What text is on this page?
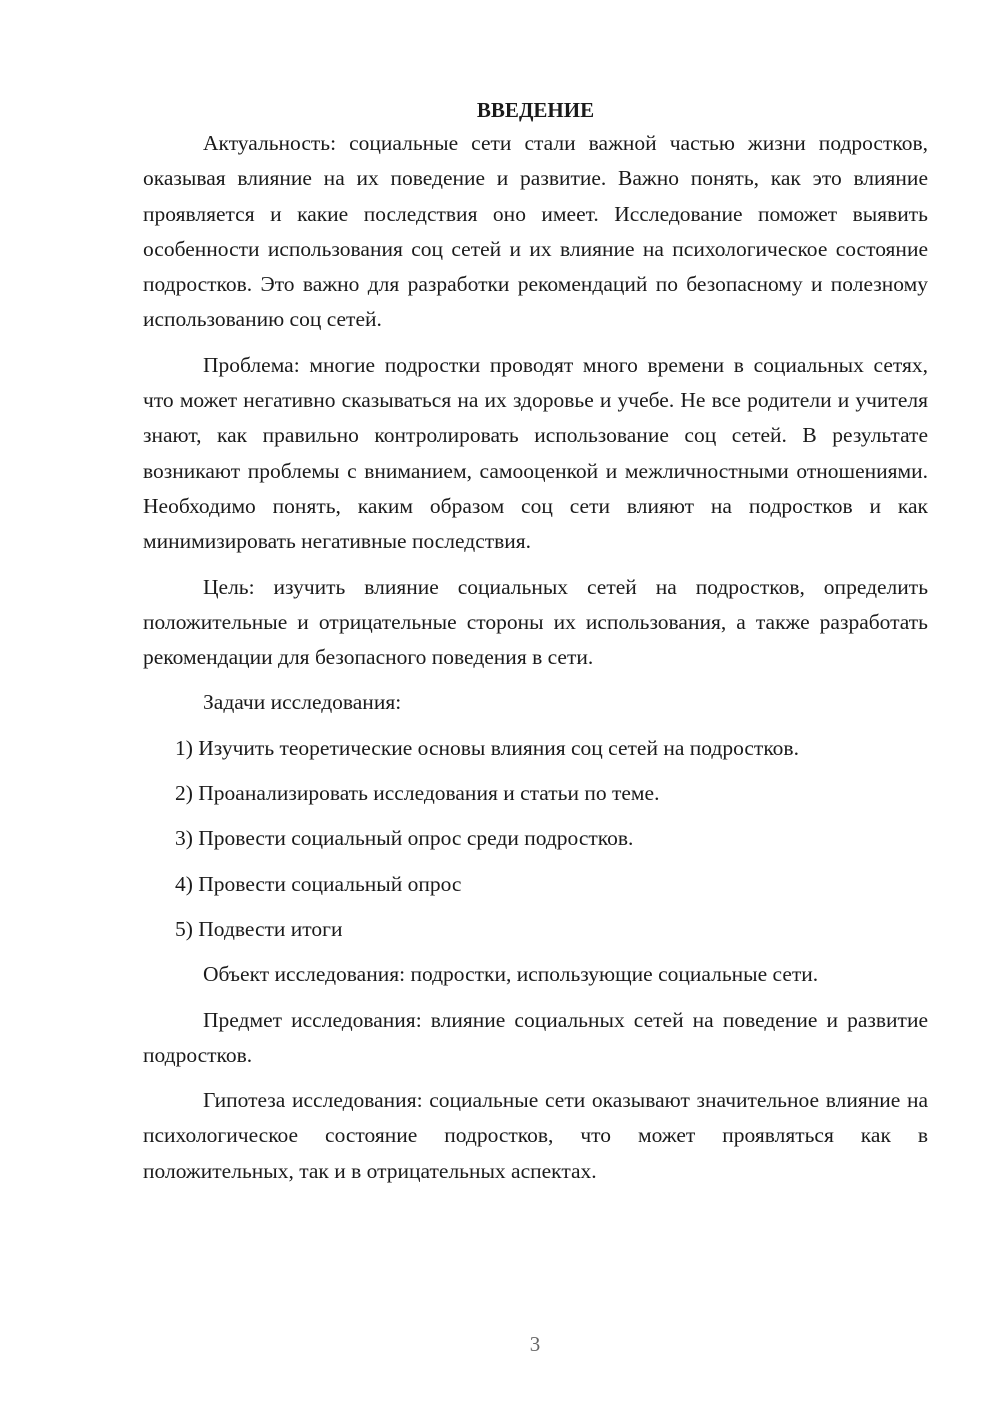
ВВЕДЕНИЕ

Актуальность: социальные сети стали важной частью жизни подростков, оказывая влияние на их поведение и развитие. Важно понять, как это влияние проявляется и какие последствия оно имеет. Исследование поможет выявить особенности использования соц сетей и их влияние на психологическое состояние подростков. Это важно для разработки рекомендаций по безопасному и полезному использованию соц сетей.

Проблема: многие подростки проводят много времени в социальных сетях, что может негативно сказываться на их здоровье и учебе. Не все родители и учителя знают, как правильно контролировать использование соц сетей. В результате возникают проблемы с вниманием, самооценкой и межличностными отношениями. Необходимо понять, каким образом соц сети влияют на подростков и как минимизировать негативные последствия.

Цель: изучить влияние социальных сетей на подростков, определить положительные и отрицательные стороны их использования, а также разработать рекомендации для безопасного поведения в сети.

Задачи исследования:

1) Изучить теоретические основы влияния соц сетей на подростков.
2) Проанализировать исследования и статьи по теме.
3) Провести социальный опрос среди подростков.
4) Провести социальный опрос
5) Подвести итоги

Объект исследования: подростки, использующие социальные сети.

Предмет исследования: влияние социальных сетей на поведение и развитие подростков.

Гипотеза исследования: социальные сети оказывают значительное влияние на психологическое состояние подростков, что может проявляться как в положительных, так и в отрицательных аспектах.

3
